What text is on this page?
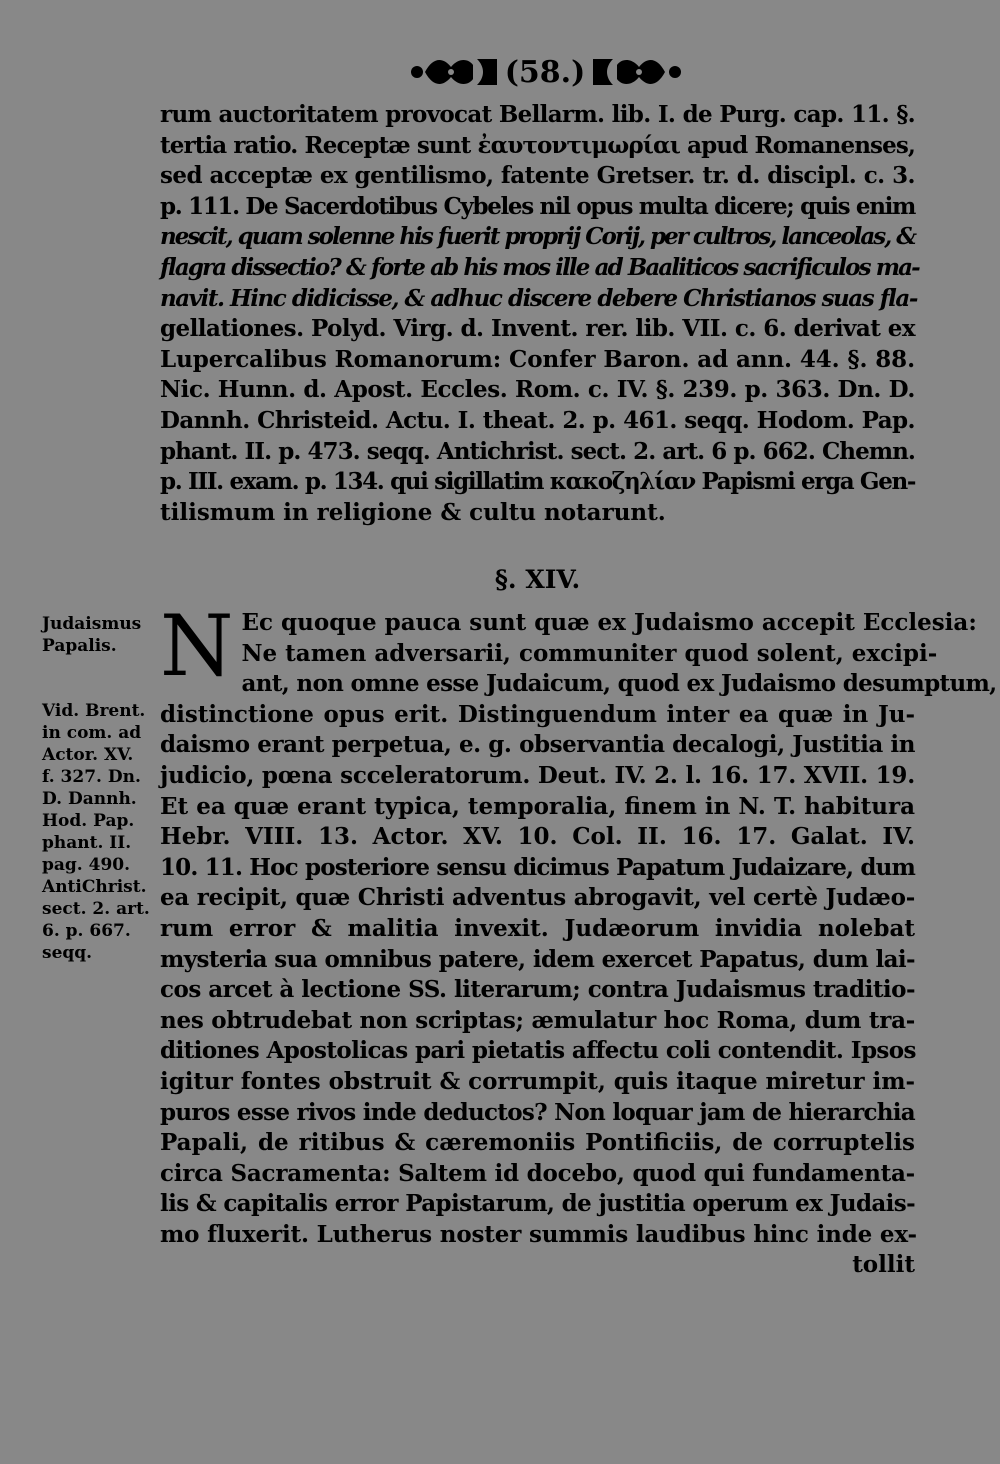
(58.)
rum auctoritatem provocat Bellarm. lib. I. de Purg. cap. 11. §.
tertia ratio. Receptæ sunt ἐαυτοντιμωρίαι apud Romanenses,
sed acceptæ ex gentilismo, fatente Gretser. tr. d. discipl. c. 3.
p. 111. De Sacerdotibus Cybeles nil opus multa dicere; quis enim
nescit, quam solenne his fuerit proprij Corij, per cultros, lanceolas, &
flagra dissectio? & forte ab his mos ille ad Baaliticos sacrificulos ma-
navit. Hinc didicisse, & adhuc discere debere Christianos suas fla-
gellationes. Polyd. Virg. d. Invent. rer. lib. VII. c. 6. derivat ex
Lupercalibus Romanorum: Confer Baron. ad ann. 44. §. 88.
Nic. Hunn. d. Apost. Eccles. Rom. c. IV. §. 239. p. 363. Dn. D.
Dannh. Christeid. Actu. I. theat. 2. p. 461. seqq. Hodom. Pap.
phant. II. p. 473. seqq. Antichrist. sect. 2. art. 6 p. 662. Chemn.
p. III. exam. p. 134. qui sigillatim κακοζηλίαν Papismi erga Gen-
tilismum in religione & cultu notarunt.
§. XIV.
Judaismus
Papalis.
Vid. Brent.
in com. ad
Actor. XV.
f. 327. Dn.
D. Dannh.
Hod. Pap.
phant. II.
pag. 490.
AntiChrist.
sect. 2. art.
6. p. 667.
seqq.
N Ec quoque pauca sunt quæ ex Judaismo accepit Ecclesia:
Ne tamen adversarii, communiter quod solent, excipi-
ant, non omne esse Judaicum, quod ex Judaismo desumptum,
distinctione opus erit. Distinguendum inter ea quæ in Ju-
daismo erant perpetua, e. g. observantia decalogi, Justitia in
judicio, pœna scceleratorum. Deut. IV. 2. l. 16. 17. XVII. 19.
Et ea quæ erant typica, temporalia, finem in N. T. habitura
Hebr. VIII. 13. Actor. XV. 10. Col. II. 16. 17. Galat. IV.
10. 11. Hoc posteriore sensu dicimus Papatum Judaizare, dum
ea recipit, quæ Christi adventus abrogavit, vel certè Judæo-
rum error & malitia invexit. Judæorum invidia nolebat
mysteria sua omnibus patere, idem exercet Papatus, dum lai-
cos arcet à lectione SS. literarum; contra Judaismus traditio-
nes obtrudebat non scriptas; æmulatur hoc Roma, dum tra-
ditiones Apostolicas pari pietatis affectu coli contendit. Ipsos
igitur fontes obstruit & corrumpit, quis itaque miretur im-
puros esse rivos inde deductos? Non loquar jam de hierarchia
Papali, de ritibus & cæremoniis Pontificiis, de corruptelis
circa Sacramenta: Saltem id docebo, quod qui fundamenta-
lis & capitalis error Papistarum, de justitia operum ex Judais-
mo fluxerit. Lutherus noster summis laudibus hinc inde ex-
tollit
